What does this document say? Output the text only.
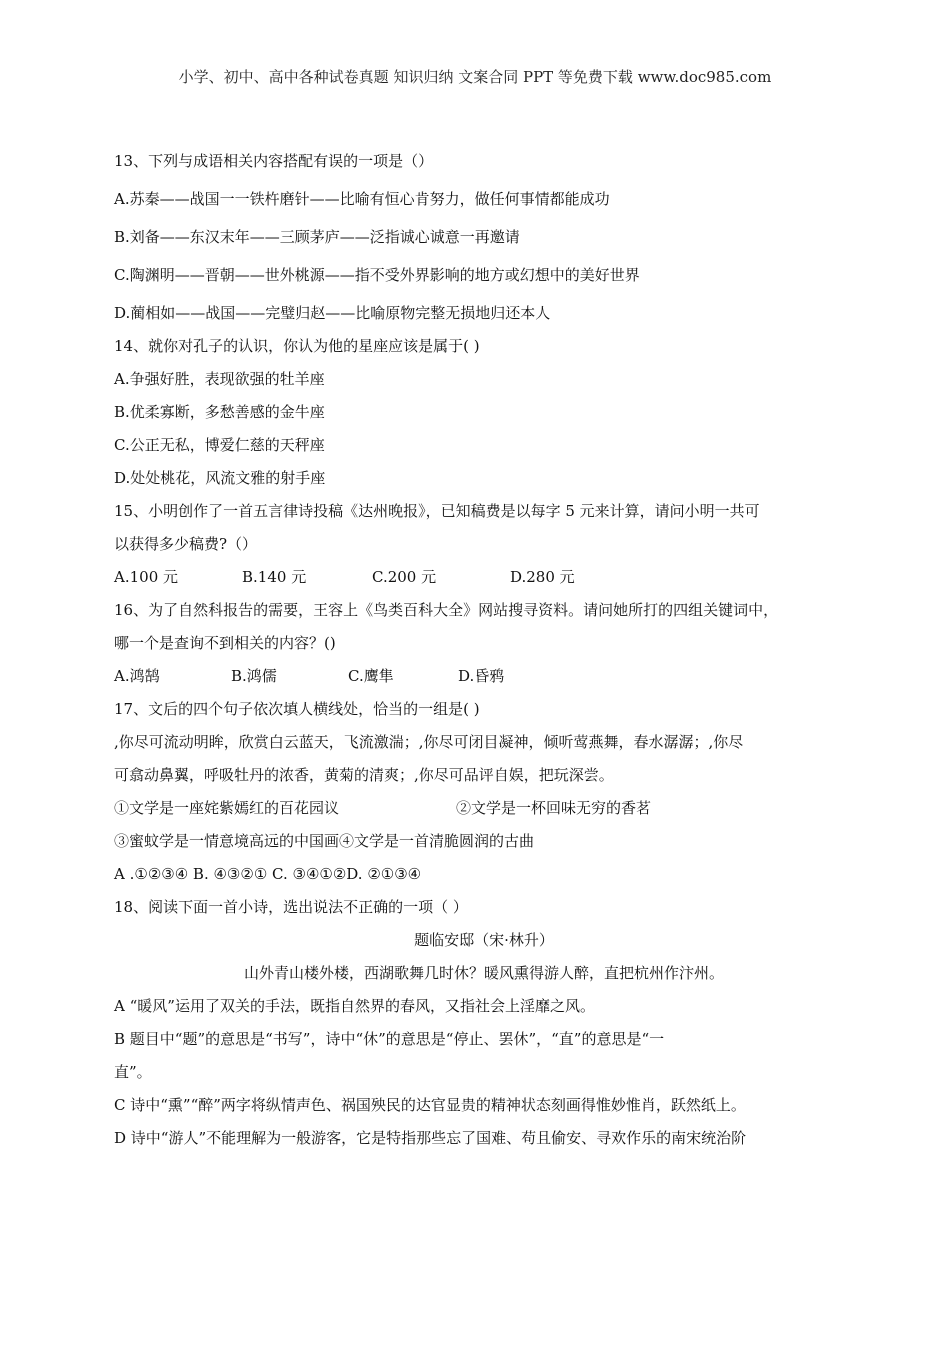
小学、初中、高中各种试卷真题 知识归纳 文案合同 PPT 等免费下载 www.doc985.com
13、下列与成语相关内容搭配有误的一项是（）
A.苏秦——战国一一铁杵磨针——比喻有恒心肯努力，做任何事情都能成功
B.刘备——东汉末年——三顾茅庐——泛指诚心诚意一再邀请
C.陶渊明——晋朝——世外桃源——指不受外界影响的地方或幻想中的美好世界
D.蔺相如——战国——完璧归赵——比喻原物完整无损地归还本人
14、就你对孔子的认识，你认为他的星座应该是属于( )
A.争强好胜，表现欲强的牡羊座
B.优柔寡断，多愁善感的金牛座
C.公正无私，博爱仁慈的天秤座
D.处处桃花，风流文雅的射手座
15、小明创作了一首五言律诗投稿《达州晚报》，已知稿费是以每字 5 元来计算，请问小明一共可
以获得多少稿费?（）
A.100 元	B.140 元	C.200 元	D.280 元
16、为了自然科报告的需要，王容上《鸟类百科大全》网站搜寻资料。请问她所打的四组关键词中，
哪一个是查询不到相关的内容？()
A.鸿鹄	B.鸿儒	C.鹰隼	D.昏鸦
17、文后的四个句子依次填人横线处，恰当的一组是( )
,你尽可流动明眸，欣赏白云蓝天，飞流激湍；,你尽可闭目凝神，倾听莺燕舞，春水潺潺；,你尽
可翕动鼻翼，呼吸牡丹的浓香，黄菊的清爽；,你尽可品评自娱，把玩深尝。
①文学是一座姹紫嫣红的百花园议	②文学是一杯回味无穷的香茗
③蜜蚊学是一情意境高远的中国画④文学是一首清脆圆润的古曲
A .①②③④ B. ④③②① C. ③④①②D. ②①③④
18、阅读下面一首小诗，选出说法不正确的一项（ ）
题临安邸（宋·林升）
山外青山楼外楼，西湖歌舞几时休？暖风熏得游人醉，直把杭州作汴州。
A “暖风”运用了双关的手法，既指自然界的春风，又指社会上淫靡之风。
B 题目中“题”的意思是“书写”，诗中“休”的意思是“停止、罢休”，“直”的意思是“一
直”。
C 诗中“熏”“醉”两字将纵情声色、祸国殃民的达官显贵的精神状态刻画得惟妙惟肖，跃然纸上。
D 诗中“游人”不能理解为一般游客，它是特指那些忘了国难、苟且偷安、寻欢作乐的南宋统治阶
